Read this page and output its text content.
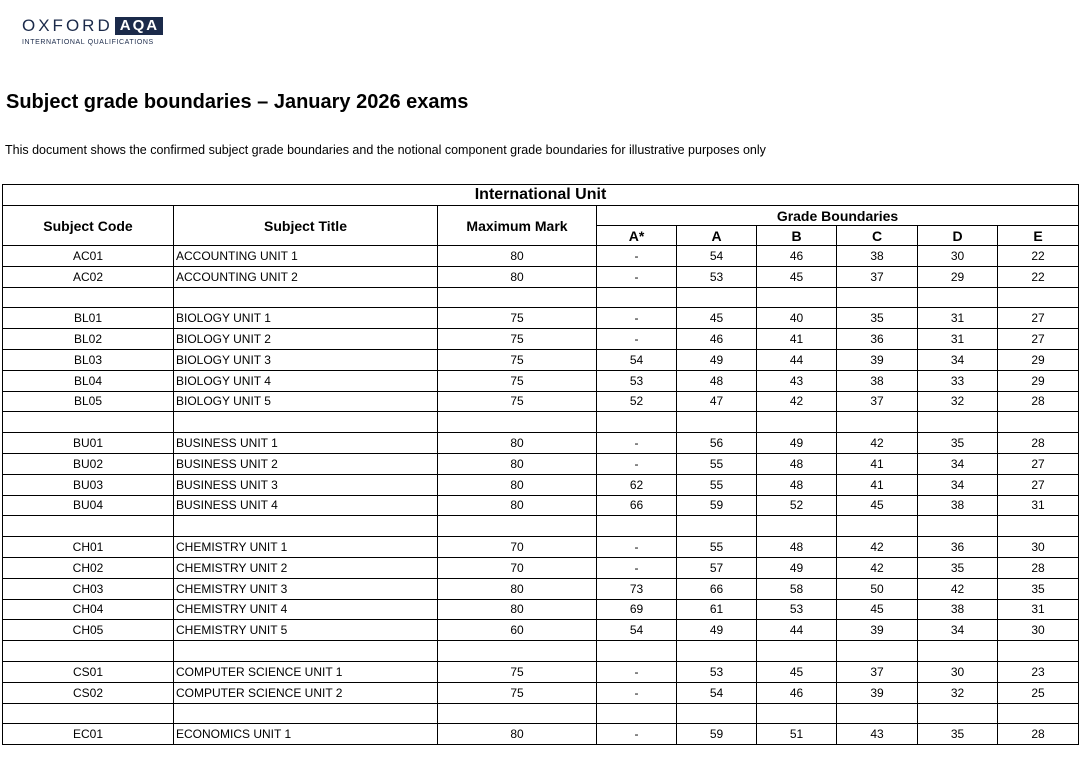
OXFORD AQA
INTERNATIONAL QUALIFICATIONS
Subject grade boundaries – January 2026 exams

This document shows the confirmed subject grade boundaries and the notional component grade boundaries for illustrative purposes only

International Unit								
Subject Code	Subject Title	Maximum Mark	Grade Boundaries					
			A*	A	B	C	D	E
AC01	ACCOUNTING UNIT 1	80	-	54	46	38	30	22
AC02	ACCOUNTING UNIT 2	80	-	53	45	37	29	22

BL01	BIOLOGY UNIT 1	75	-	45	40	35	31	27
BL02	BIOLOGY UNIT 2	75	-	46	41	36	31	27
BL03	BIOLOGY UNIT 3	75	54	49	44	39	34	29
BL04	BIOLOGY UNIT 4	75	53	48	43	38	33	29
BL05	BIOLOGY UNIT 5	75	52	47	42	37	32	28

BU01	BUSINESS UNIT 1	80	-	56	49	42	35	28
BU02	BUSINESS UNIT 2	80	-	55	48	41	34	27
BU03	BUSINESS UNIT 3	80	62	55	48	41	34	27
BU04	BUSINESS UNIT 4	80	66	59	52	45	38	31

CH01	CHEMISTRY UNIT 1	70	-	55	48	42	36	30
CH02	CHEMISTRY UNIT 2	70	-	57	49	42	35	28
CH03	CHEMISTRY UNIT 3	80	73	66	58	50	42	35
CH04	CHEMISTRY UNIT 4	80	69	61	53	45	38	31
CH05	CHEMISTRY UNIT 5	60	54	49	44	39	34	30

CS01	COMPUTER SCIENCE UNIT 1	75	-	53	45	37	30	23
CS02	COMPUTER SCIENCE UNIT 2	75	-	54	46	39	32	25

EC01	ECONOMICS UNIT 1	80	-	59	51	43	35	28
